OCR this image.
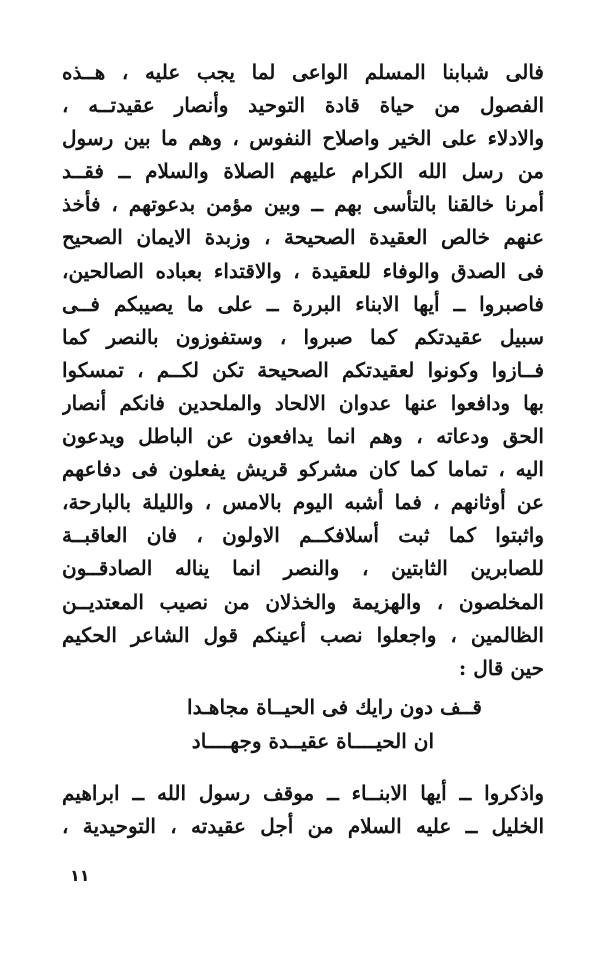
فالى شبابنا المسلم الواعى لما يجب عليه ، هــذه
الفصول من حياة قادة التوحيد وأنصار عقيدتــه ،
والادلاء على الخير واصلاح النفوس ، وهم ما بين رسول
من رسل الله الكرام عليهم الصلاة والسلام ــ فقــد
أمرنا خالقنا بالتأسى بهم ــ وبين مؤمن بدعوتهم ، فأخذ
عنهم خالص العقيدة الصحيحة ، وزبدة الايمان الصحيح
فى الصدق والوفاء للعقيدة ، والاقتداء بعباده الصالحين،
فاصبروا ــ أيها الابناء البررة ــ على ما يصيبكم فــى
سبيل عقيدتكم كما صبروا ، وستفوزون بالنصر كما
فــازوا وكونوا لعقيدتكم الصحيحة تكن لكــم ، تمسكوا
بها ودافعوا عنها عدوان الالحاد والملحدين فانكم أنصار
الحق ودعاته ، وهم انما يدافعون عن الباطل ويدعون
اليه ، تماما كما كان مشركو قريش يفعلون فى دفاعهم
عن أوثانهم ، فما أشبه اليوم بالامس ، والليلة بالبارحة،
واثبتوا كما ثبت أسلافكــم الاولون ، فان العاقبــة
للصابرين الثابتين ، والنصر انما يناله الصادقــون
المخلصون ، والهزيمة والخذلان من نصيب المعتديــن
الظالمين ، واجعلوا نصب أعينكم قول الشاعر الحكيم
حين قال :
قــف دون رايك فى الحيــاة مجاهـدا
ان الحيــــاة عقيــدة وجهــــاد
واذكروا ــ أيها الابنــاء ــ موقف رسول الله ــ ابراهيم
الخليل ــ عليه السلام من أجل عقيدته ، التوحيدية ،
١١
